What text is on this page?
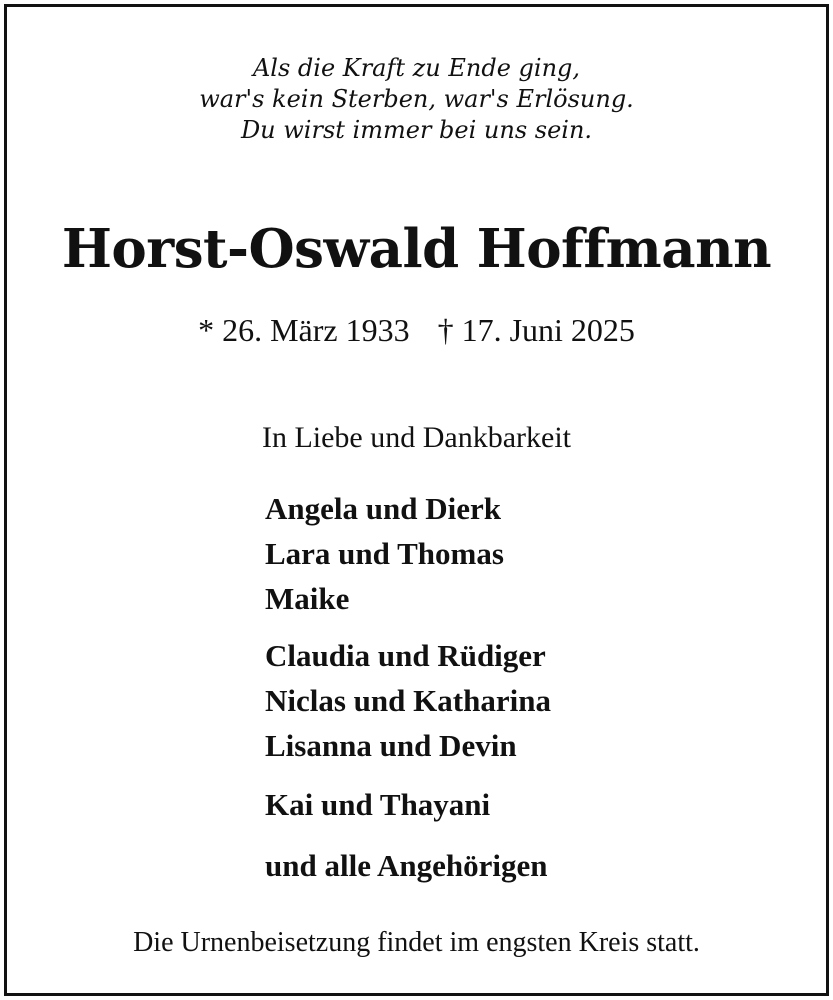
Als die Kraft zu Ende ging,
war's kein Sterben, war's Erlösung.
Du wirst immer bei uns sein.
Horst-Oswald Hoffmann
* 26. März 1933 † 17. Juni 2025
In Liebe und Dankbarkeit
Angela und Dierk
Lara und Thomas
Maike
Claudia und Rüdiger
Niclas und Katharina
Lisanna und Devin
Kai und Thayani
und alle Angehörigen
Die Urnenbeisetzung findet im engsten Kreis statt.
